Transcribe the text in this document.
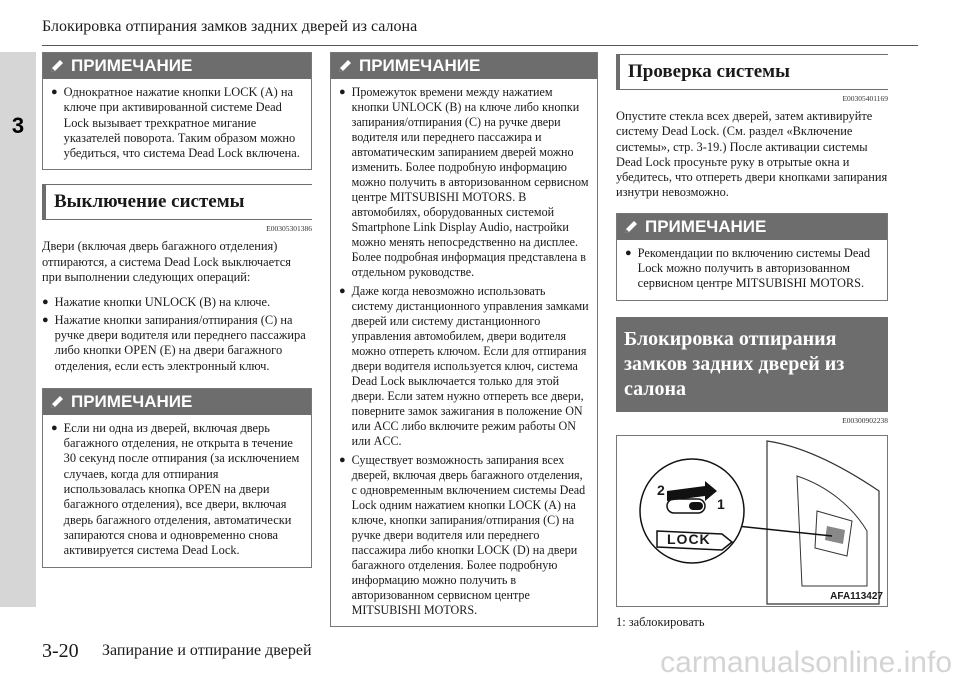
Блокировка отпирания замков задних дверей из салона
3
ПРИМЕЧАНИЕ
● Однократное нажатие кнопки LOCK (A) на ключе при активированной системе Dead Lock вызывает трехкратное мигание указателей поворота. Таким образом можно убедиться, что система Dead Lock включена.
Выключение системы
E00305301386
Двери (включая дверь багажного отделения) отпираются, а система Dead Lock выключается при выполнении следующих операций:
● Нажатие кнопки UNLOCK (B) на ключе.
● Нажатие кнопки запирания/отпирания (C) на ручке двери водителя или переднего пассажира либо кнопки OPEN (E) на двери багажного отделения, если есть электронный ключ.
ПРИМЕЧАНИЕ
● Если ни одна из дверей, включая дверь багажного отделения, не открыта в течение 30 секунд после отпирания (за исключением случаев, когда для отпирания использовалась кнопка OPEN на двери багажного отделения), все двери, включая дверь багажного отделения, автоматически запираются снова и одновременно снова активируется система Dead Lock.
ПРИМЕЧАНИЕ
● Промежуток времени между нажатием кнопки UNLOCK (B) на ключе либо кнопки запирания/отпирания (C) на ручке двери водителя или переднего пассажира и автоматическим запиранием дверей можно изменить. Более подробную информацию можно получить в авторизованном сервисном центре MITSUBISHI MOTORS. В автомобилях, оборудованных системой Smartphone Link Display Audio, настройки можно менять непосредственно на дисплее. Более подробная информация представлена в отдельном руководстве.
● Даже когда невозможно использовать систему дистанционного управления замками дверей или систему дистанционного управления автомобилем, двери водителя можно отпереть ключом. Если для отпирания двери водителя используется ключ, система Dead Lock выключается только для этой двери. Если затем нужно отпереть все двери, поверните замок зажигания в положение ON или ACC либо включите режим работы ON или ACC.
● Существует возможность запирания всех дверей, включая дверь багажного отделения, с одновременным включением системы Dead Lock одним нажатием кнопки LOCK (A) на ключе, кнопки запирания/отпирания (C) на ручке двери водителя или переднего пассажира либо кнопки LOCK (D) на двери багажного отделения. Более подробную информацию можно получить в авторизованном сервисном центре MITSUBISHI MOTORS.
Проверка системы
E00305401169
Опустите стекла всех дверей, затем активируйте систему Dead Lock. (См. раздел «Включение системы», стр. 3-19.) После активации системы Dead Lock просуньте руку в отрытые окна и убедитесь, что отпереть двери кнопками запирания изнутри невозможно.
ПРИМЕЧАНИЕ
● Рекомендации по включению системы Dead Lock можно получить в авторизованном сервисном центре MITSUBISHI MOTORS.
Блокировка отпирания замков задних дверей из салона
E00300902238
2
1
LOCK
AFA113427
1: заблокировать
3-20 Запирание и отпирание дверей	carmanualsonline.info
